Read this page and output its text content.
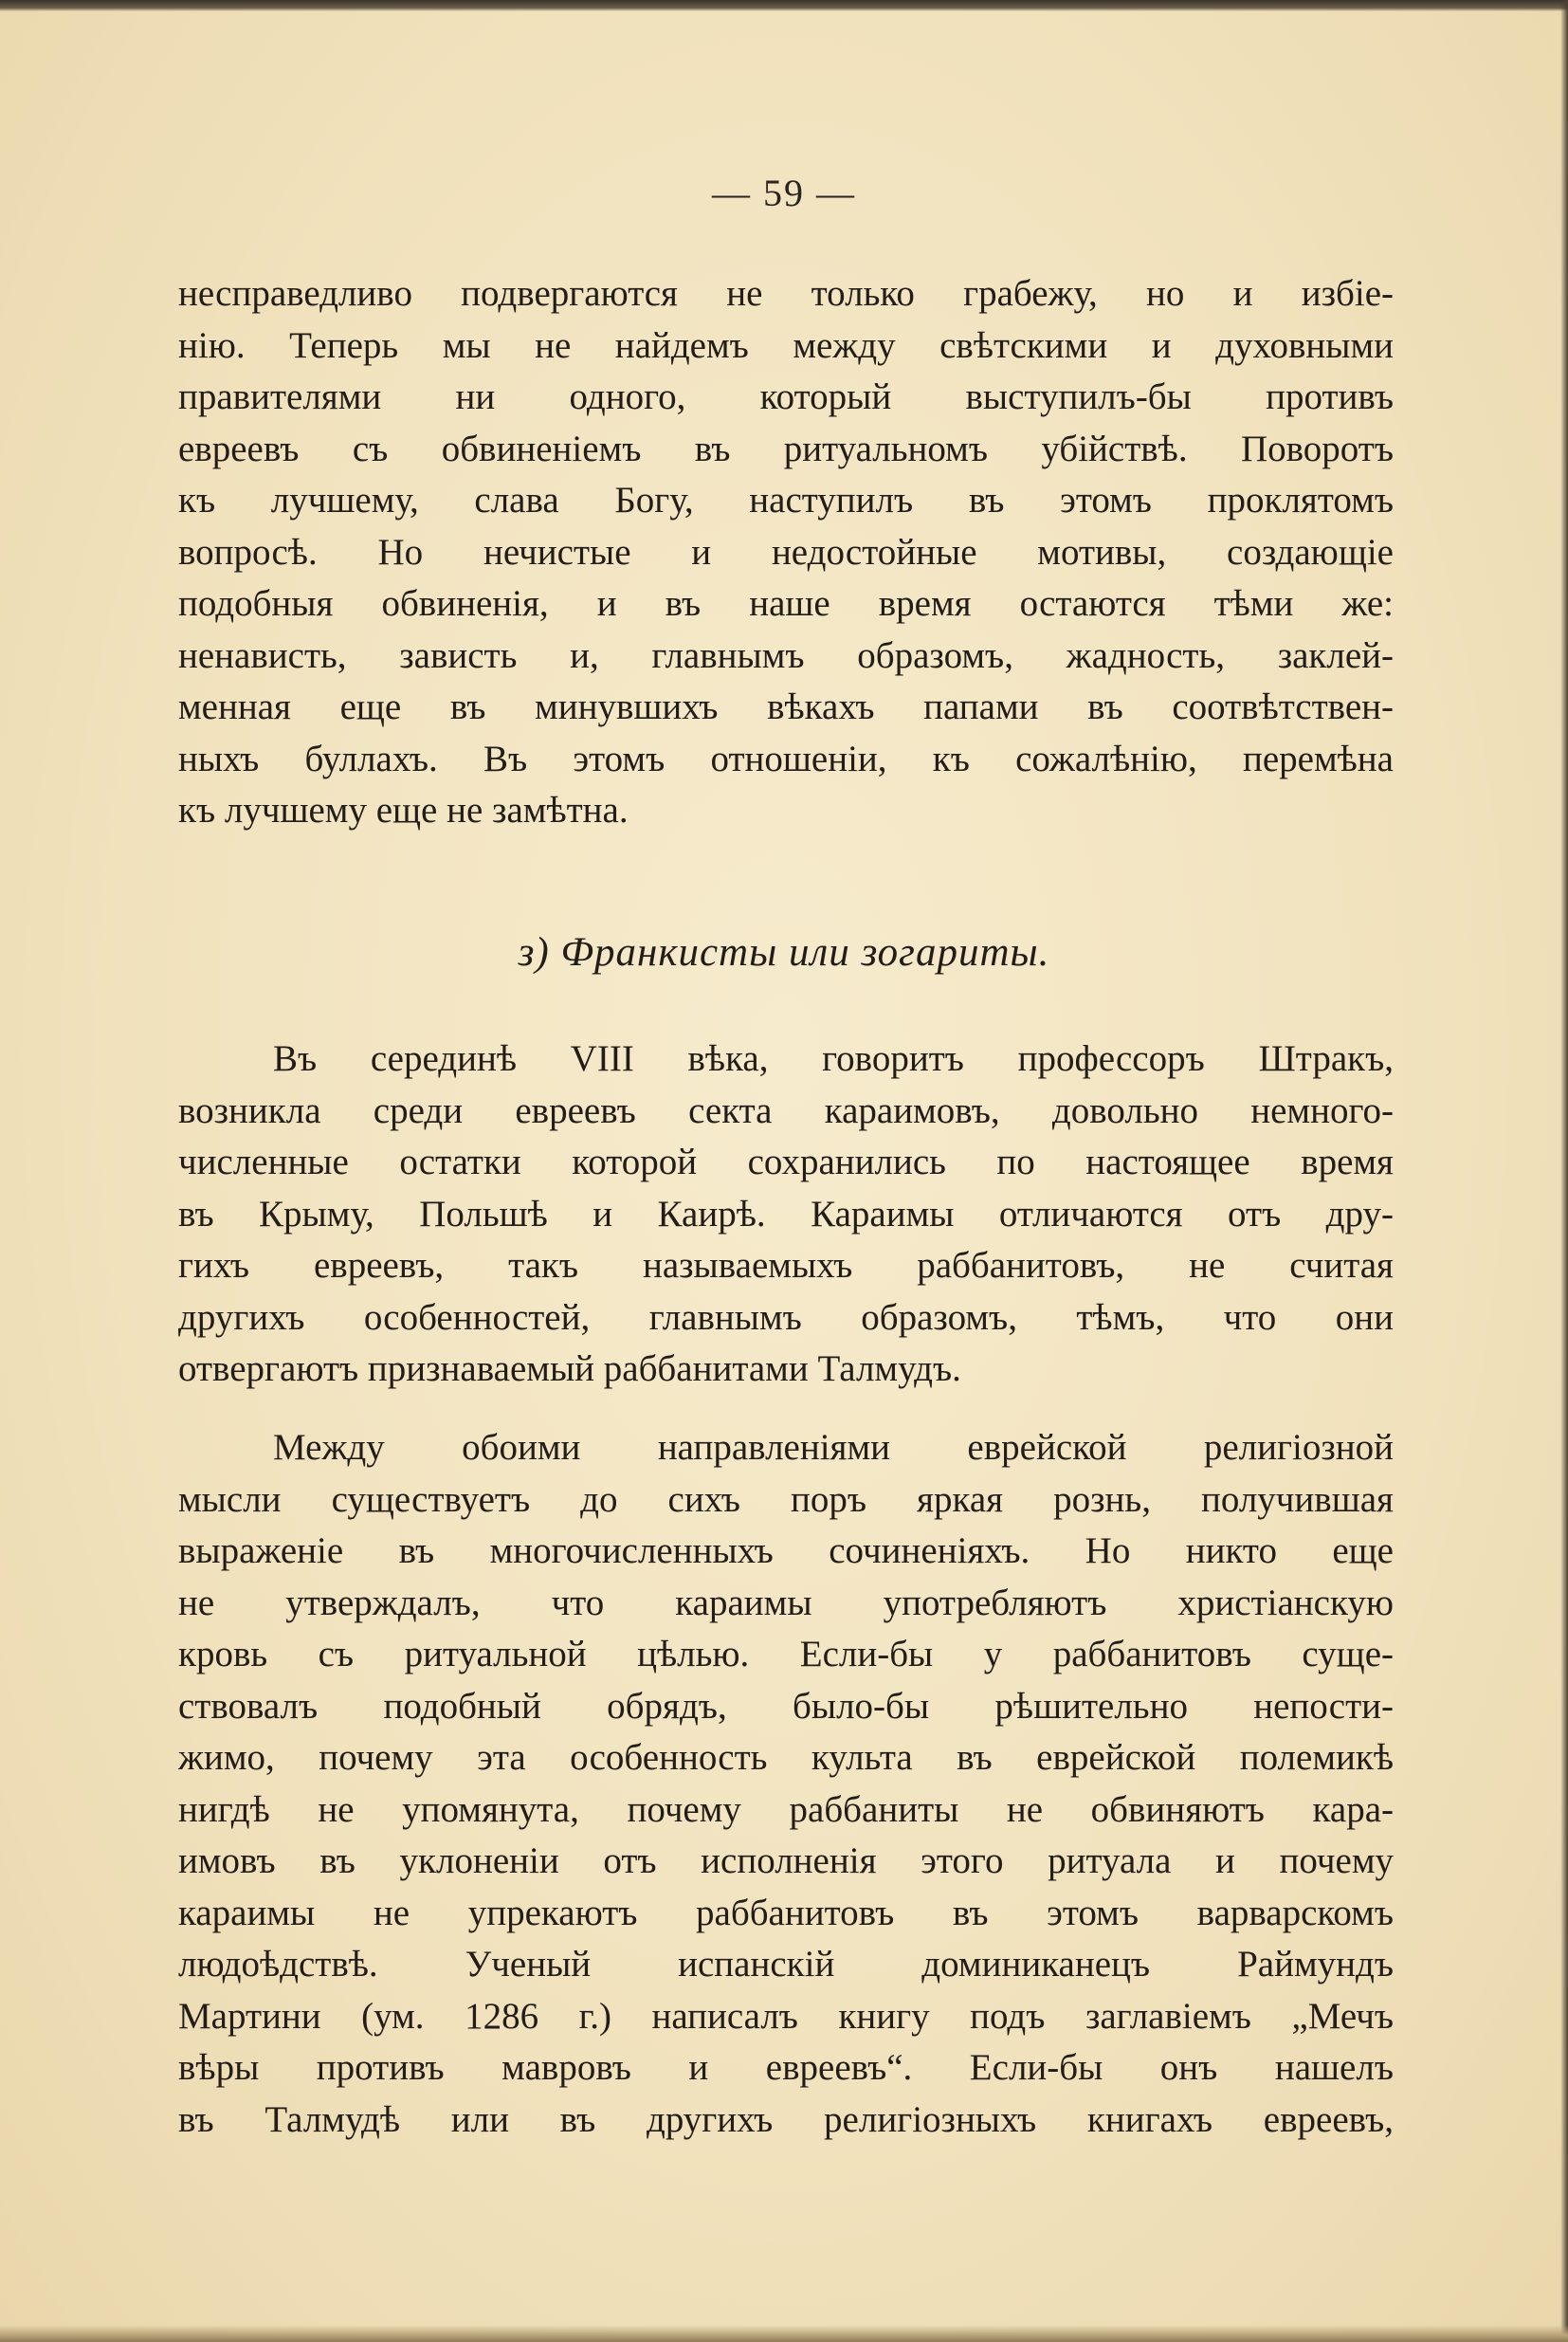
— 59 —

несправедливо подвергаются не только грабежу, но и избіе-
нію. Теперь мы не найдемъ между свѣтскими и духовными
правителями ни одного, который выступилъ-бы противъ
евреевъ съ обвиненіемъ въ ритуальномъ убійствѣ. Поворотъ
къ лучшему, слава Богу, наступилъ въ этомъ проклятомъ
вопросѣ. Но нечистые и недостойные мотивы, создающіе
подобныя обвиненія, и въ наше время остаются тѣми же:
ненависть, зависть и, главнымъ образомъ, жадность, заклей-
менная еще въ минувшихъ вѣкахъ папами въ соотвѣтствен-
ныхъ буллахъ. Въ этомъ отношеніи, къ сожалѣнію, перемѣна
къ лучшему еще не замѣтна.

з) Франкисты или зогариты.

Въ серединѣ VIII вѣка, говоритъ профессоръ Штракъ,
возникла среди евреевъ секта караимовъ, довольно немного-
численные остатки которой сохранились по настоящее время
въ Крыму, Польшѣ и Каирѣ. Караимы отличаются отъ дру-
гихъ евреевъ, такъ называемыхъ раббанитовъ, не считая
другихъ особенностей, главнымъ образомъ, тѣмъ, что они
отвергаютъ признаваемый раббанитами Талмудъ.

Между обоими направленіями еврейской религіозной
мысли существуетъ до сихъ поръ яркая рознь, получившая
выраженіе въ многочисленныхъ сочиненіяхъ. Но никто еще
не утверждалъ, что караимы употребляютъ христіанскую
кровь съ ритуальной цѣлью. Если-бы у раббанитовъ суще-
ствовалъ подобный обрядъ, было-бы рѣшительно непости-
жимо, почему эта особенность культа въ еврейской полемикѣ
нигдѣ не упомянута, почему раббаниты не обвиняютъ кара-
имовъ въ уклоненіи отъ исполненія этого ритуала и почему
караимы не упрекаютъ раббанитовъ въ этомъ варварскомъ
людоѣдствѣ. Ученый испанскій доминиканецъ Раймундъ
Мартини (ум. 1286 г.) написалъ книгу подъ заглавіемъ „Мечъ
вѣры противъ мавровъ и евреевъ“. Если-бы онъ нашелъ
въ Талмудѣ или въ другихъ религіозныхъ книгахъ евреевъ,
